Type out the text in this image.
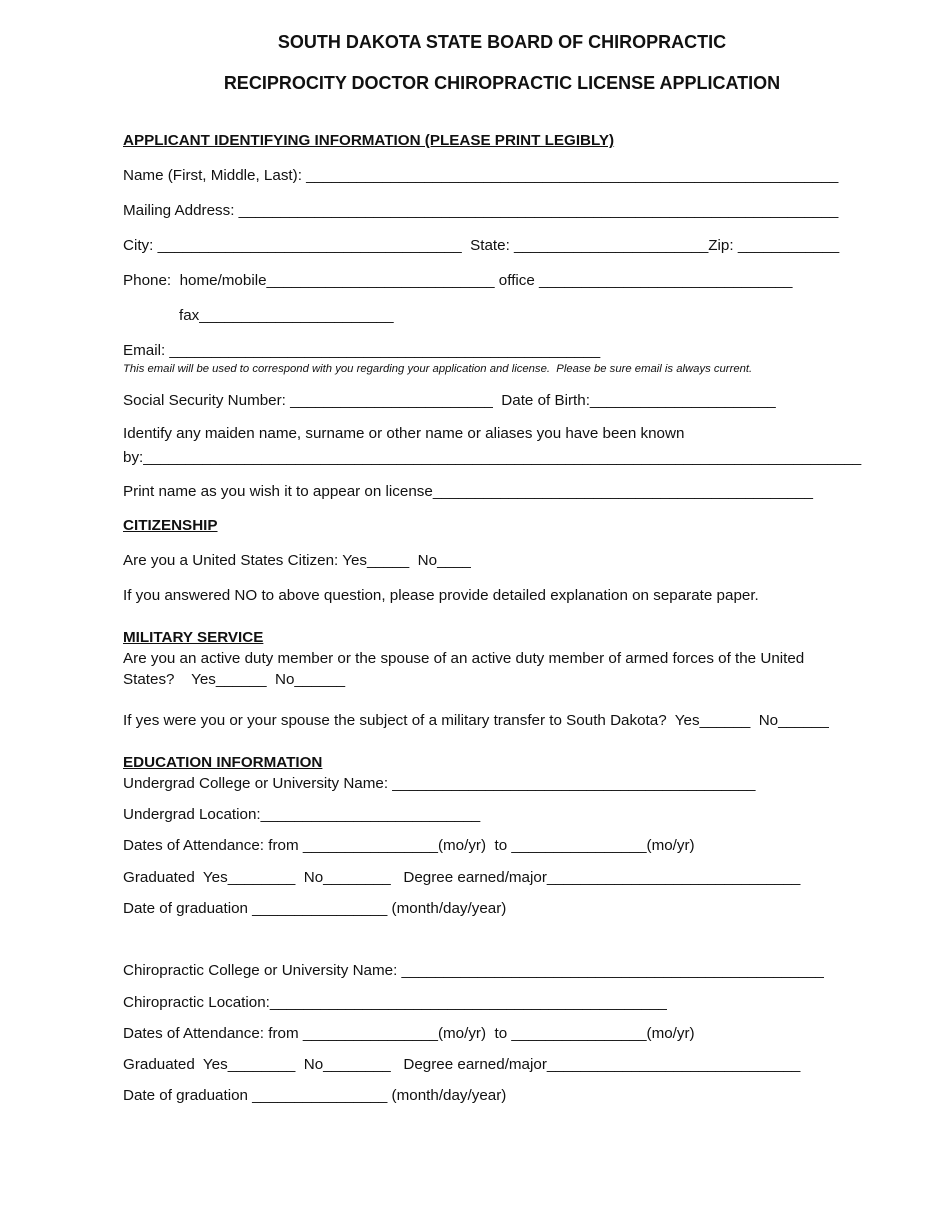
SOUTH DAKOTA STATE BOARD OF CHIROPRACTIC
RECIPROCITY DOCTOR CHIROPRACTIC LICENSE APPLICATION
APPLICANT IDENTIFYING INFORMATION (PLEASE PRINT LEGIBLY)
Name (First, Middle, Last): _______________________________________________________________
Mailing Address: _______________________________________________________________________
City: ____________________________________  State: _______________________Zip: ____________
Phone:  home/mobile___________________________ office ______________________________
fax_______________________
Email: ___________________________________________________
This email will be used to correspond with you regarding your application and license.  Please be sure email is always current.
Social Security Number: ________________________  Date of Birth:______________________
Identify any maiden name, surname or other name or aliases you have been known
by:_____________________________________________________________________________________
Print name as you wish it to appear on license_____________________________________________
CITIZENSHIP
Are you a United States Citizen: Yes_____  No____
If you answered NO to above question, please provide detailed explanation on separate paper.
MILITARY SERVICE
Are you an active duty member or the spouse of an active duty member of armed forces of the United
States?    Yes______  No______
If yes were you or your spouse the subject of a military transfer to South Dakota?  Yes______  No______
EDUCATION INFORMATION
Undergrad College or University Name: ___________________________________________
Undergrad Location:__________________________
Dates of Attendance: from ________________(mo/yr)  to ________________(mo/yr)
Graduated  Yes________  No________   Degree earned/major______________________________
Date of graduation ________________ (month/day/year)
Chiropractic College or University Name: __________________________________________________
Chiropractic Location:_______________________________________________
Dates of Attendance: from ________________(mo/yr)  to ________________(mo/yr)
Graduated  Yes________  No________   Degree earned/major______________________________
Date of graduation ________________ (month/day/year)
